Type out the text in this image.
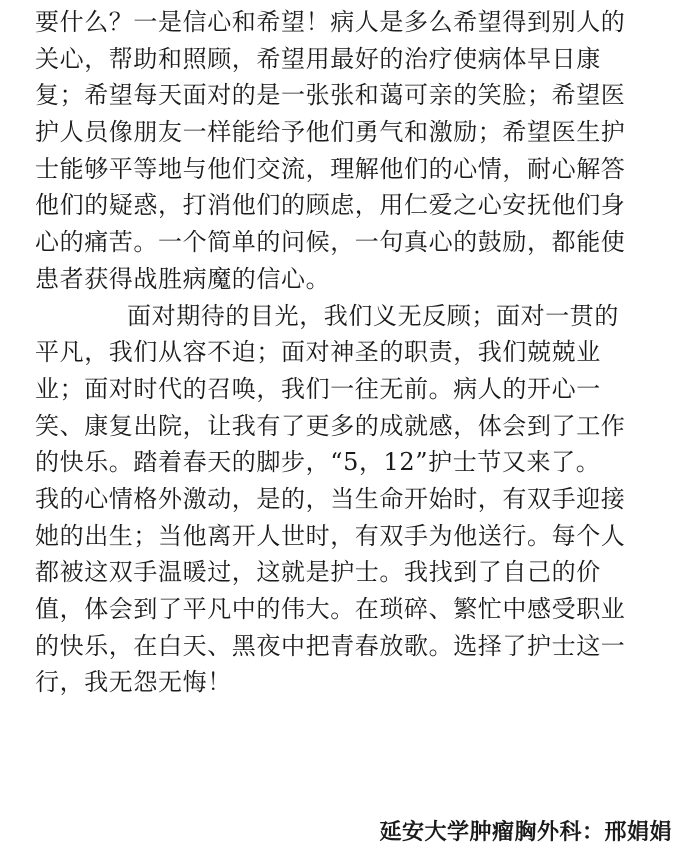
要什么？一是信心和希望！病人是多么希望得到别人的
关心，帮助和照顾，希望用最好的治疗使病体早日康
复；希望每天面对的是一张张和蔼可亲的笑脸；希望医
护人员像朋友一样能给予他们勇气和激励；希望医生护
士能够平等地与他们交流，理解他们的心情，耐心解答
他们的疑惑，打消他们的顾虑，用仁爱之心安抚他们身
心的痛苦。一个简单的问候，一句真心的鼓励，都能使
患者获得战胜病魔的信心。
面对期待的目光，我们义无反顾；面对一贯的
平凡，我们从容不迫；面对神圣的职责，我们兢兢业
业；面对时代的召唤，我们一往无前。病人的开心一
笑、康复出院，让我有了更多的成就感，体会到了工作
的快乐。踏着春天的脚步，“5，12”护士节又来了。
我的心情格外激动，是的，当生命开始时，有双手迎接
她的出生；当他离开人世时，有双手为他送行。每个人
都被这双手温暖过，这就是护士。我找到了自己的价
值，体会到了平凡中的伟大。在琐碎、繁忙中感受职业
的快乐，在白天、黑夜中把青春放歌。选择了护士这一
行，我无怨无悔！
延安大学肿瘤胸外科：邢娟娟
